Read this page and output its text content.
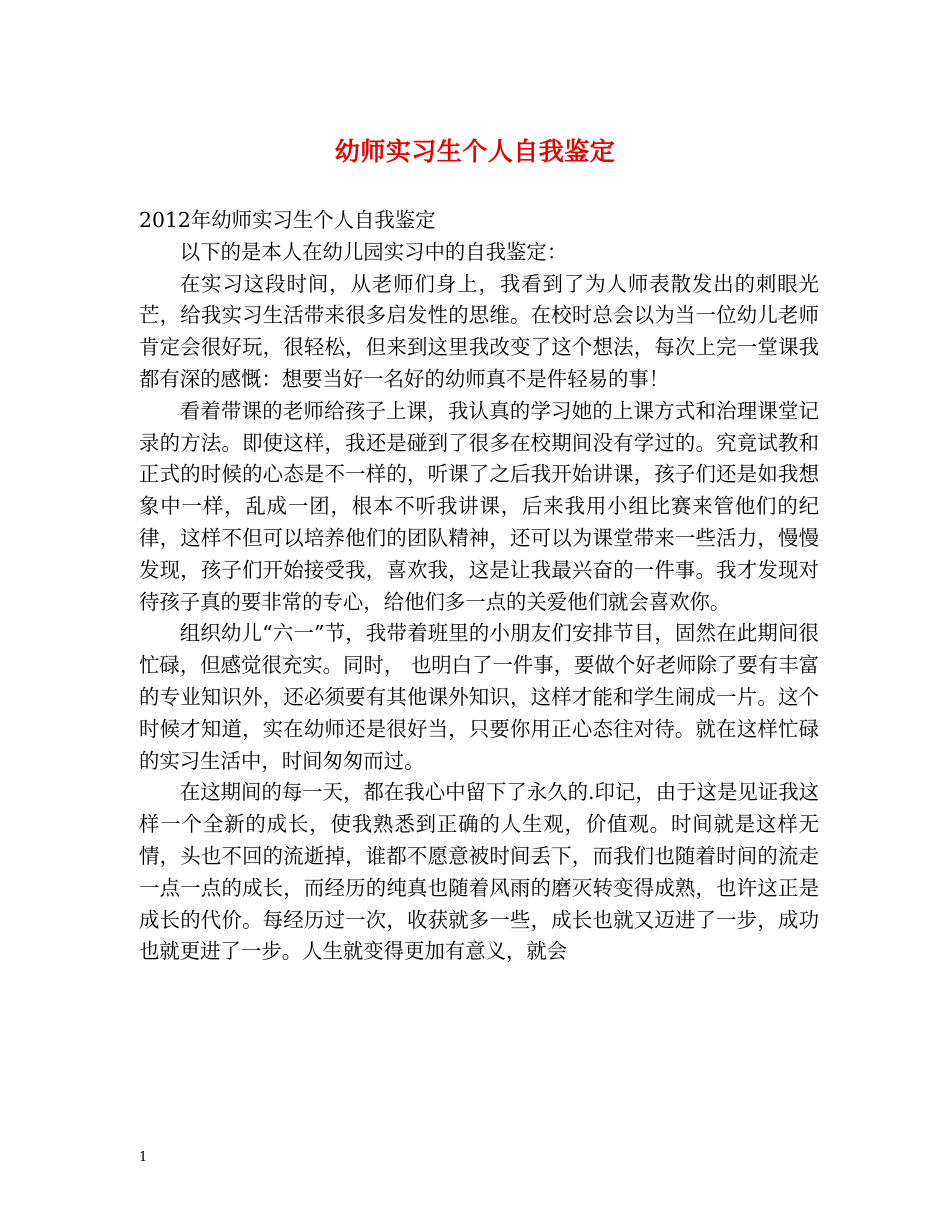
幼师实习生个人自我鉴定

2012年幼师实习生个人自我鉴定

以下的是本人在幼儿园实习中的自我鉴定：

在实习这段时间，从老师们身上，我看到了为人师表散发出的刺眼光芒，给我实习生活带来很多启发性的思维。在校时总会以为当一位幼儿老师肯定会很好玩，很轻松，但来到这里我改变了这个想法，每次上完一堂课我都有深的感慨：想要当好一名好的幼师真不是件轻易的事！

看着带课的老师给孩子上课，我认真的学习她的上课方式和治理课堂记录的方法。即使这样，我还是碰到了很多在校期间没有学过的。究竟试教和正式的时候的心态是不一样的，听课了之后我开始讲课，孩子们还是如我想象中一样，乱成一团，根本不听我讲课，后来我用小组比赛来管他们的纪律，这样不但可以培养他们的团队精神，还可以为课堂带来一些活力，慢慢发现，孩子们开始接受我，喜欢我，这是让我最兴奋的一件事。我才发现对待孩子真的要非常的专心，给他们多一点的关爱他们就会喜欢你。

组织幼儿“六一”节，我带着班里的小朋友们安排节目，固然在此期间很忙碌，但感觉很充实。同时， 也明白了一件事，要做个好老师除了要有丰富的专业知识外，还必须要有其他课外知识，这样才能和学生闹成一片。这个时候才知道，实在幼师还是很好当，只要你用正心态往对待。就在这样忙碌的实习生活中，时间匆匆而过。

在这期间的每一天，都在我心中留下了永久的.印记，由于这是见证我这样一个全新的成长，使我熟悉到正确的人生观，价值观。时间就是这样无情，头也不回的流逝掉，谁都不愿意被时间丢下，而我们也随着时间的流走一点一点的成长，而经历的纯真也随着风雨的磨灭转变得成熟，也许这正是成长的代价。每经历过一次，收获就多一些，成长也就又迈进了一步，成功也就更进了一步。人生就变得更加有意义，就会

1
